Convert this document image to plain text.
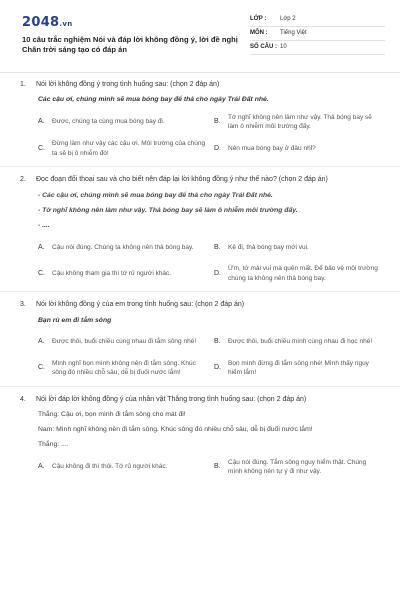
2048.vn
10 câu trắc nghiệm Nói và đáp lời không đồng ý, lời đề nghị Chân trời sáng tạo có đáp án
LỚP :	Lớp 2
MÔN :	Tiếng Việt
SỐ CÂU : 10
1.	Nói lời không đồng ý trong tình huống sau: (chọn 2 đáp án)
Các cậu ơi, chúng mình sẽ mua bóng bay để thả cho ngày Trái Đất nhé.
A.	Được, chúng ta cùng mua bóng bay đi.	B.
Tớ nghĩ không nên làm như vậy. Thả bóng bay sẽ làm ô nhiễm môi trường đấy.
C.
Đừng làm như vậy các cậu ơi. Môi trường của chúng ta sẽ bị ô nhiễm đó!
D.	Nên mua bóng bay ở đâu nhỉ?
2.	Đọc đoạn đối thoại sau và cho biết nên đáp lại lời không đồng ý như thế nào? (chọn 2 đáp án)
- Các cậu ơi, chúng mình sẽ mua bóng bay để thả cho ngày Trái Đất nhé.
- Tớ nghĩ không nên làm như vậy. Thả bóng bay sẽ làm ô nhiễm môi trường đấy.
- ....
A.	Cậu nói đúng. Chúng ta không nên thả bóng bay.	B.	Kệ đi, thả bóng bay mới vui.
C.	Cậu không tham gia thì tớ rủ người khác.	D.
Ừm, tớ mải vui mà quên mất. Để bảo vệ môi trường chúng ta không nên thả bóng bay.
3.	Nói lời không đồng ý của em trong tình huống sau: (chọn 2 đáp án)
Bạn rủ em đi tắm sông
A.	Được thôi, buổi chiều cùng nhau đi tắm sông nhé!	B.	Được thôi, buổi chiều mình cùng nhau đi học nhé!
C.
Mình nghĩ bọn mình không nên đi tắm sông. Khúc sông đó nhiều chỗ sâu, dễ bị đuối nước lắm!
D.
Bọn mình đừng đi tắm sông nhé! Mình thấy nguy hiểm lắm!
4.	Nói lời đáp lời không đồng ý của nhân vật Thắng trong tình huống sau: (chọn 2 đáp án)
Thắng: Cậu ơi, bọn mình đi tắm sông cho mát đi!
Nam: Mình nghĩ không nên đi tắm sông. Khúc sông đó nhiều chỗ sâu, dễ bị đuối nước lắm!
Thắng: ....
A.	Cậu không đi thì thôi. Tớ rủ người khác.	B.
Cậu nói đúng. Tắm sông nguy hiểm thật. Chúng mình không nên tự ý đi như vậy.
